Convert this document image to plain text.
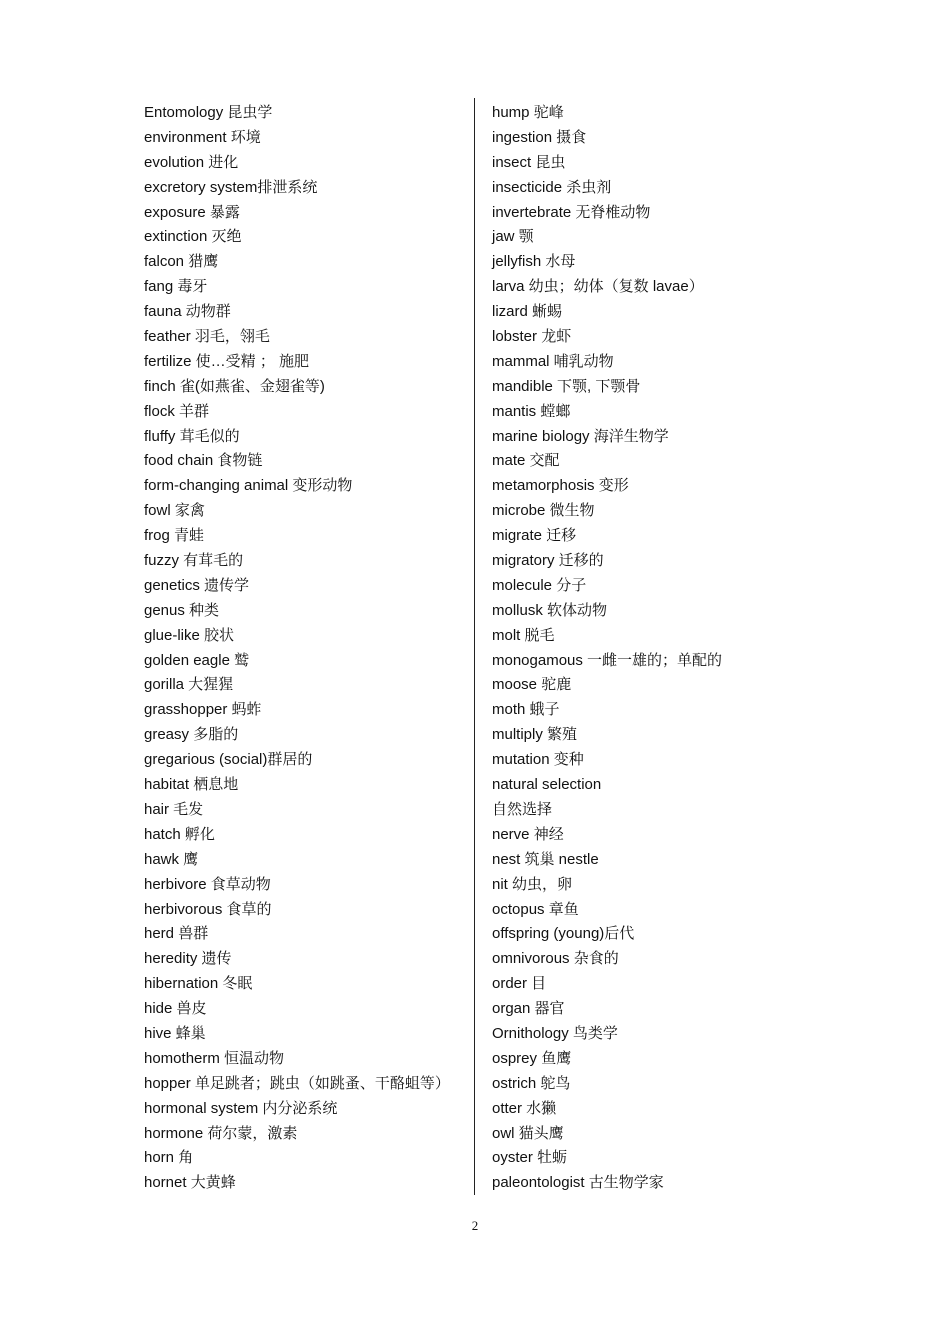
Entomology 昆虫学
environment 环境
evolution 进化
excretory system排泄系统
exposure 暴露
extinction 灭绝
falcon 猎鹰
fang 毒牙
fauna 动物群
feather 羽毛，翎毛
fertilize 使…受精 ； 施肥
finch 雀(如燕雀、金翅雀等)
flock 羊群
fluffy 茸毛似的
food chain 食物链
form-changing animal 变形动物
fowl 家禽
frog 青蛙
fuzzy 有茸毛的
genetics 遗传学
genus 种类
glue-like 胶状
golden eagle 鹫
gorilla 大猩猩
grasshopper 蚂蚱
greasy 多脂的
gregarious (social)群居的
habitat 栖息地
hair 毛发
hatch 孵化
hawk 鹰
herbivore 食草动物
herbivorous 食草的
herd 兽群
heredity 遗传
hibernation 冬眠
hide 兽皮
hive 蜂巢
homotherm 恒温动物
hopper 单足跳者；跳虫（如跳蚤、干酪蛆等）
hormonal system 内分泌系统
hormone 荷尔蒙，激素
horn 角
hornet 大黄蜂
hump 驼峰
ingestion 摄食
insect 昆虫
insecticide 杀虫剂
invertebrate 无脊椎动物
jaw 颚
jellyfish 水母
larva 幼虫；幼体（复数 lavae）
lizard 蜥蜴
lobster 龙虾
mammal 哺乳动物
mandible 下颚, 下颚骨
mantis 螳螂
marine biology 海洋生物学
mate 交配
metamorphosis 变形
microbe 微生物
migrate 迁移
migratory 迁移的
molecule 分子
mollusk 软体动物
molt 脱毛
monogamous 一雌一雄的；单配的
moose 驼鹿
moth 蛾子
multiply 繁殖
mutation 变种
natural selection
自然选择
nerve 神经
nest 筑巢 nestle
nit 幼虫，卵
octopus 章鱼
offspring (young)后代
omnivorous 杂食的
order 目
organ 器官
Ornithology 鸟类学
osprey 鱼鹰
ostrich 鸵鸟
otter 水獭
owl 猫头鹰
oyster 牡蛎
paleontologist 古生物学家
2
